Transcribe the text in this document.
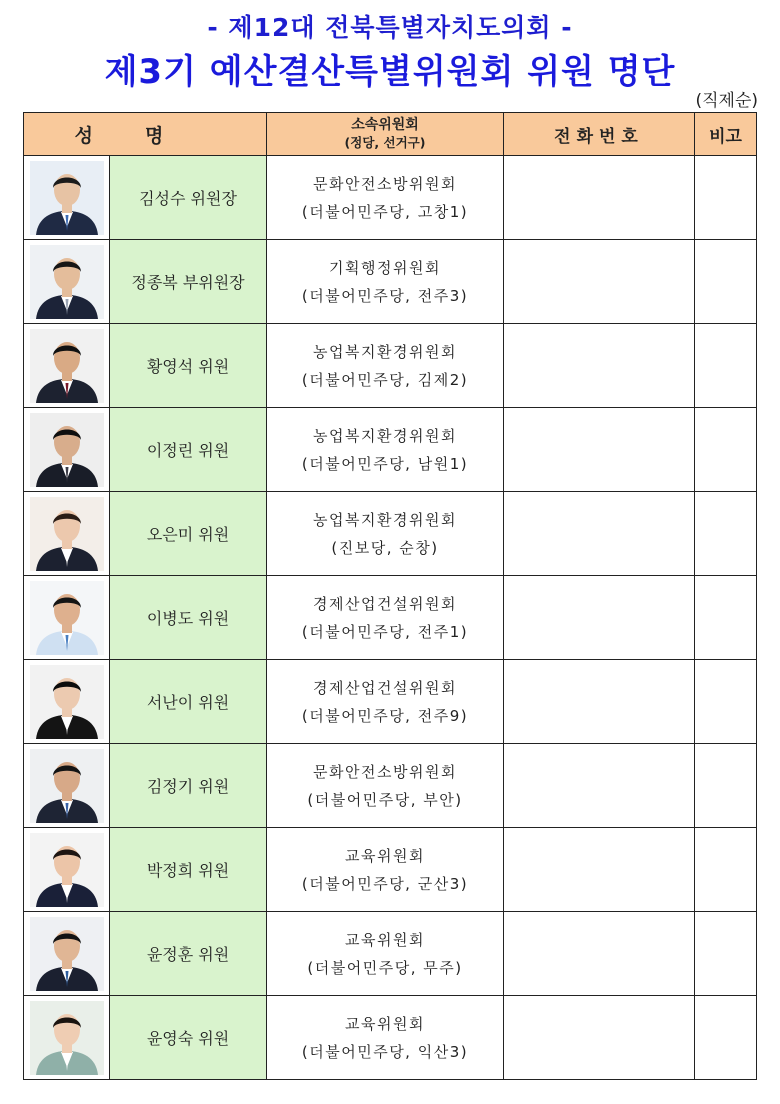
- 제12대 전북특별자치도의회 -
제3기 예산결산특별위원회 위원 명단
(직제순)
성명		소속위원회
(정당, 선거구)	전화번호	비고
	김성수 위원장	문화안전소방위원회
(더불어민주당, 고창1)		

	정종복 부위원장	기획행정위원회
(더불어민주당, 전주3)		

	황영석 위원	농업복지환경위원회
(더불어민주당, 김제2)		

	이정린 위원	농업복지환경위원회
(더불어민주당, 남원1)		

	오은미 위원	농업복지환경위원회
(진보당, 순창)		

	이병도 위원	경제산업건설위원회
(더불어민주당, 전주1)		

	서난이 위원	경제산업건설위원회
(더불어민주당, 전주9)		

	김정기 위원	문화안전소방위원회
(더불어민주당, 부안)		

	박정희 위원	교육위원회
(더불어민주당, 군산3)		

	윤정훈 위원	교육위원회
(더불어민주당, 무주)		

	윤영숙 위원	교육위원회
(더불어민주당, 익산3)		
